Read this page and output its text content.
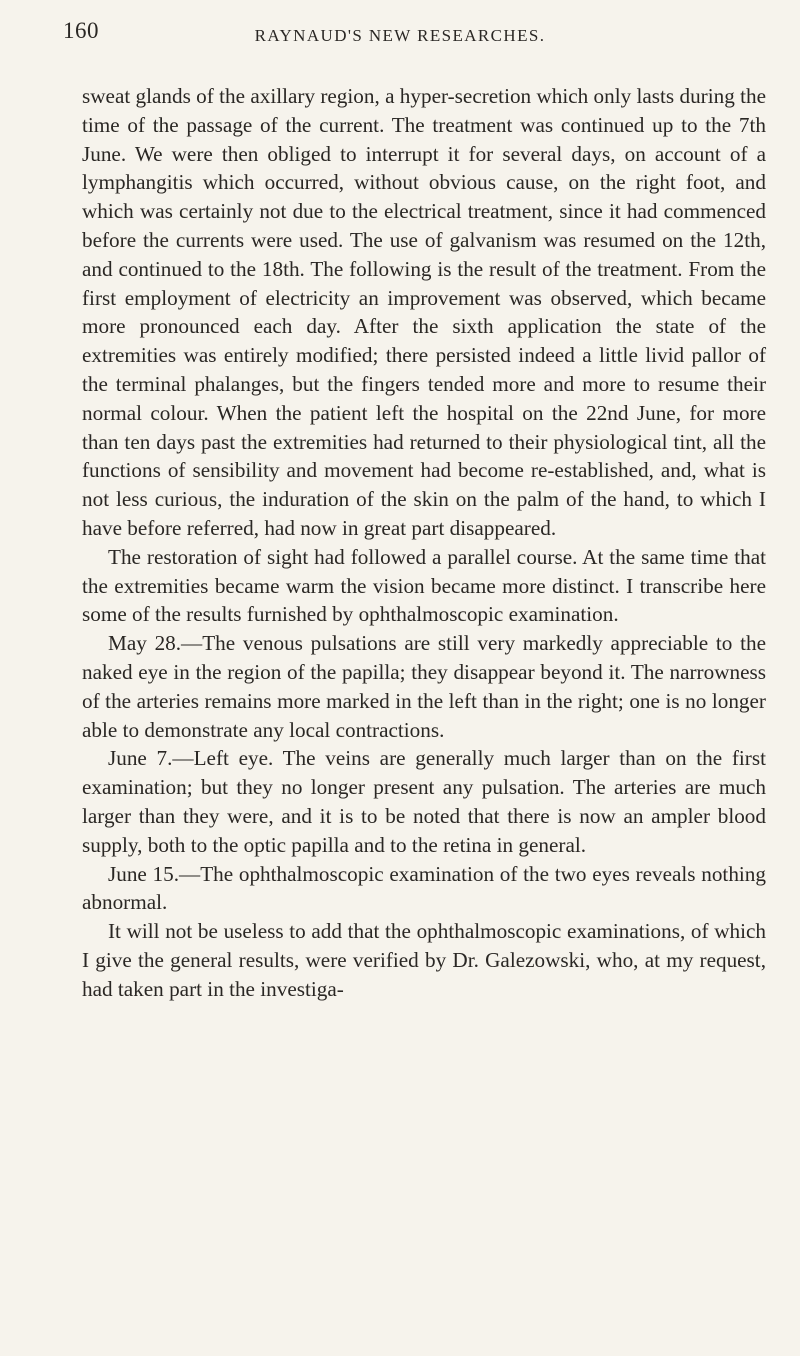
160	RAYNAUD'S NEW RESEARCHES.

sweat glands of the axillary region, a hyper-secretion which only lasts during the time of the passage of the current. The treatment was continued up to the 7th June. We were then obliged to interrupt it for several days, on account of a lymphangitis which occurred, without obvious cause, on the right foot, and which was certainly not due to the electrical treatment, since it had commenced before the currents were used. The use of galvanism was resumed on the 12th, and continued to the 18th. The following is the result of the treatment. From the first employment of electricity an improvement was observed, which became more pronounced each day. After the sixth application the state of the extremities was entirely modified; there persisted indeed a little livid pallor of the terminal phalanges, but the fingers tended more and more to resume their normal colour. When the patient left the hospital on the 22nd June, for more than ten days past the extremities had returned to their physiological tint, all the functions of sensibility and movement had become re-established, and, what is not less curious, the induration of the skin on the palm of the hand, to which I have before referred, had now in great part disappeared.

The restoration of sight had followed a parallel course. At the same time that the extremities became warm the vision became more distinct. I transcribe here some of the results furnished by ophthalmoscopic examination.

May 28.—The venous pulsations are still very markedly appreciable to the naked eye in the region of the papilla; they disappear beyond it. The narrowness of the arteries remains more marked in the left than in the right; one is no longer able to demonstrate any local contractions.

June 7.—Left eye. The veins are generally much larger than on the first examination; but they no longer present any pulsation. The arteries are much larger than they were, and it is to be noted that there is now an ampler blood supply, both to the optic papilla and to the retina in general.

June 15.—The ophthalmoscopic examination of the two eyes reveals nothing abnormal.

It will not be useless to add that the ophthalmoscopic examinations, of which I give the general results, were verified by Dr. Galezowski, who, at my request, had taken part in the investiga-
